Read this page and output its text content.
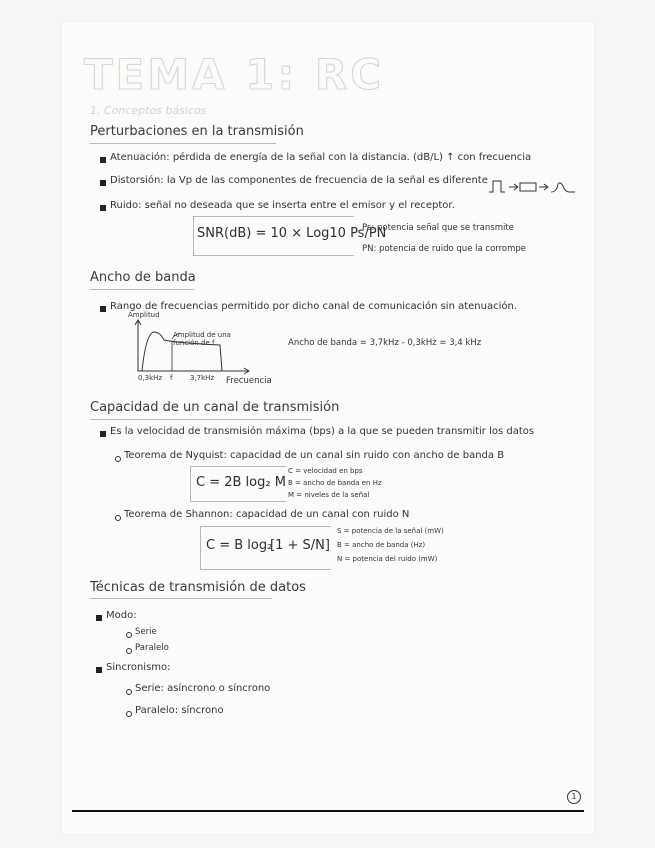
TEMA 1: RC
1. Conceptos básicos
Perturbaciones en la transmisión
Atenuación: pérdida de energía de la señal con la distancia. (dB/L) ↑ con frecuencia
Distorsión: la Vp de las componentes de frecuencia de la señal es diferente
Ruido: señal no deseada que se inserta entre el emisor y el receptor.
SNR(dB) = 10 × Log10 Ps/PN
Ps: potencia señal que se transmite
PN: potencia de ruido que la corrompe
Ancho de banda
Rango de frecuencias permitido por dicho canal de comunicación sin atenuación.
Amplitud
Amplitud de una función de f
0,3kHz f	3,7kHz Frecuencia
Ancho de banda = 3,7kHz - 0,3kHz = 3,4 kHz
Capacidad de un canal de transmisión
Es la velocidad de transmisión máxima (bps) a la que se pueden transmitir los datos
Teorema de Nyquist: capacidad de un canal sin ruido con ancho de banda B
C = 2B log₂ M
C = velocidad en bps
B = ancho de banda en Hz
M = niveles de la señal
Teorema de Shannon: capacidad de un canal con ruido N
C = B log₂
[1 + S/N]
S = potencia de la señal (mW)
B = ancho de banda (Hz)
N = potencia del ruido (mW)
Técnicas de transmisión de datos
Modo:
Serie
Paralelo
Sincronismo:
Serie: asíncrono o síncrono
Paralelo: síncrono
1
